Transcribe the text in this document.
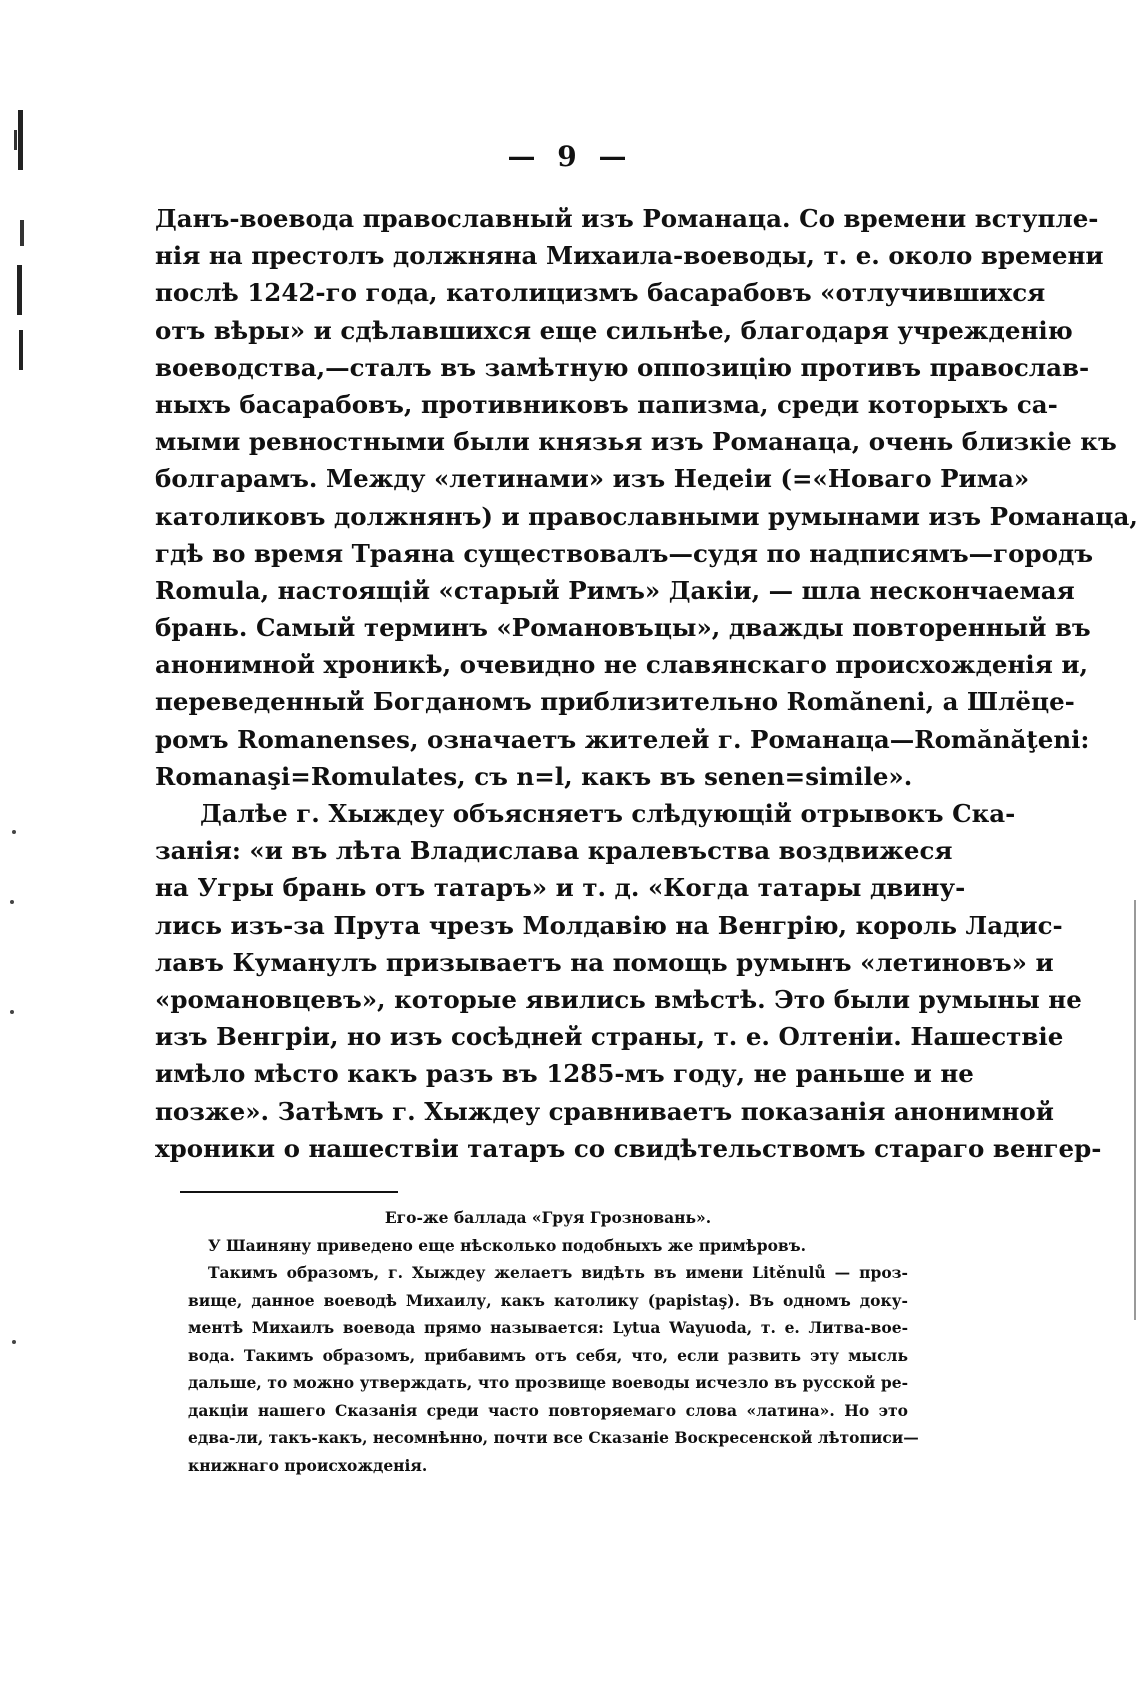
— 9 —
Данъ-воевода православный изъ Романаца. Со времени вступле-
нія на престолъ должняна Михаила-воеводы, т. е. около времени
послѣ 1242-го года, католицизмъ басарабовъ «отлучившихся
отъ вѣры» и сдѣлавшихся еще сильнѣе, благодаря учрежденію
воеводства,—сталъ въ замѣтную оппозицію противъ православ-
ныхъ басарабовъ, противниковъ папизма, среди которыхъ са-
мыми ревностными были князья изъ Романаца, очень близкіе къ
болгарамъ. Между «летинами» изъ Недеіи (=«Новаго Рима»
католиковъ должнянъ) и православными румынами изъ Романаца,
гдѣ во время Траяна существовалъ—судя по надписямъ—городъ
Romula, настоящій «старый Римъ» Дакіи, — шла нескончаемая
брань. Самый терминъ «Романовъцы», дважды повторенный въ
анонимной хроникѣ, очевидно не славянскаго происхожденія и,
переведенный Богданомъ приблизительно Romăneni, а Шлёце-
ромъ Romanenses, означаетъ жителей г. Романаца—Romănăţeni:
Romanaşi=Romulates, съ n=l, какъ въ senen=simile».
Далѣе г. Хыждеу объясняетъ слѣдующій отрывокъ Ска-
занія: «и въ лѣта Владислава кралевъства воздвижеся
на Угры брань отъ татаръ» и т. д. «Когда татары двину-
лись изъ-за Прута чрезъ Молдавію на Венгрію, король Ладис-
лавъ Куманулъ призываетъ на помощь румынъ «летиновъ» и
«романовцевъ», которые явились вмѣстѣ. Это были румыны не
изъ Венгріи, но изъ сосѣдней страны, т. е. Олтеніи. Нашествіе
имѣло мѣсто какъ разъ въ 1285-мъ году, не раньше и не
позже». Затѣмъ г. Хыждеу сравниваетъ показанія анонимной
хроники о нашествіи татаръ со свидѣтельствомъ стараго венгер-
Его-же баллада «Груя Грозновань».
У Шаиняну приведено еще нѣсколько подобныхъ же примѣровъ.
Такимъ образомъ, г. Хыждеу желаетъ видѣть въ имени Litěnulů — проз-
вище, данное воеводѣ Михаилу, какъ католику (papistaş). Въ одномъ доку-
ментѣ Михаилъ воевода прямо называется: Lytua Wayuoda, т. е. Литва-вое-
вода. Такимъ образомъ, прибавимъ отъ себя, что, если развить эту мысль
дальше, то можно утверждать, что прозвище воеводы исчезло въ русской ре-
дакціи нашего Сказанія среди часто повторяемаго слова «латина». Но это
едва-ли, такъ-какъ, несомнѣнно, почти все Сказаніе Воскресенской лѣтописи—
книжнаго происхожденія.
